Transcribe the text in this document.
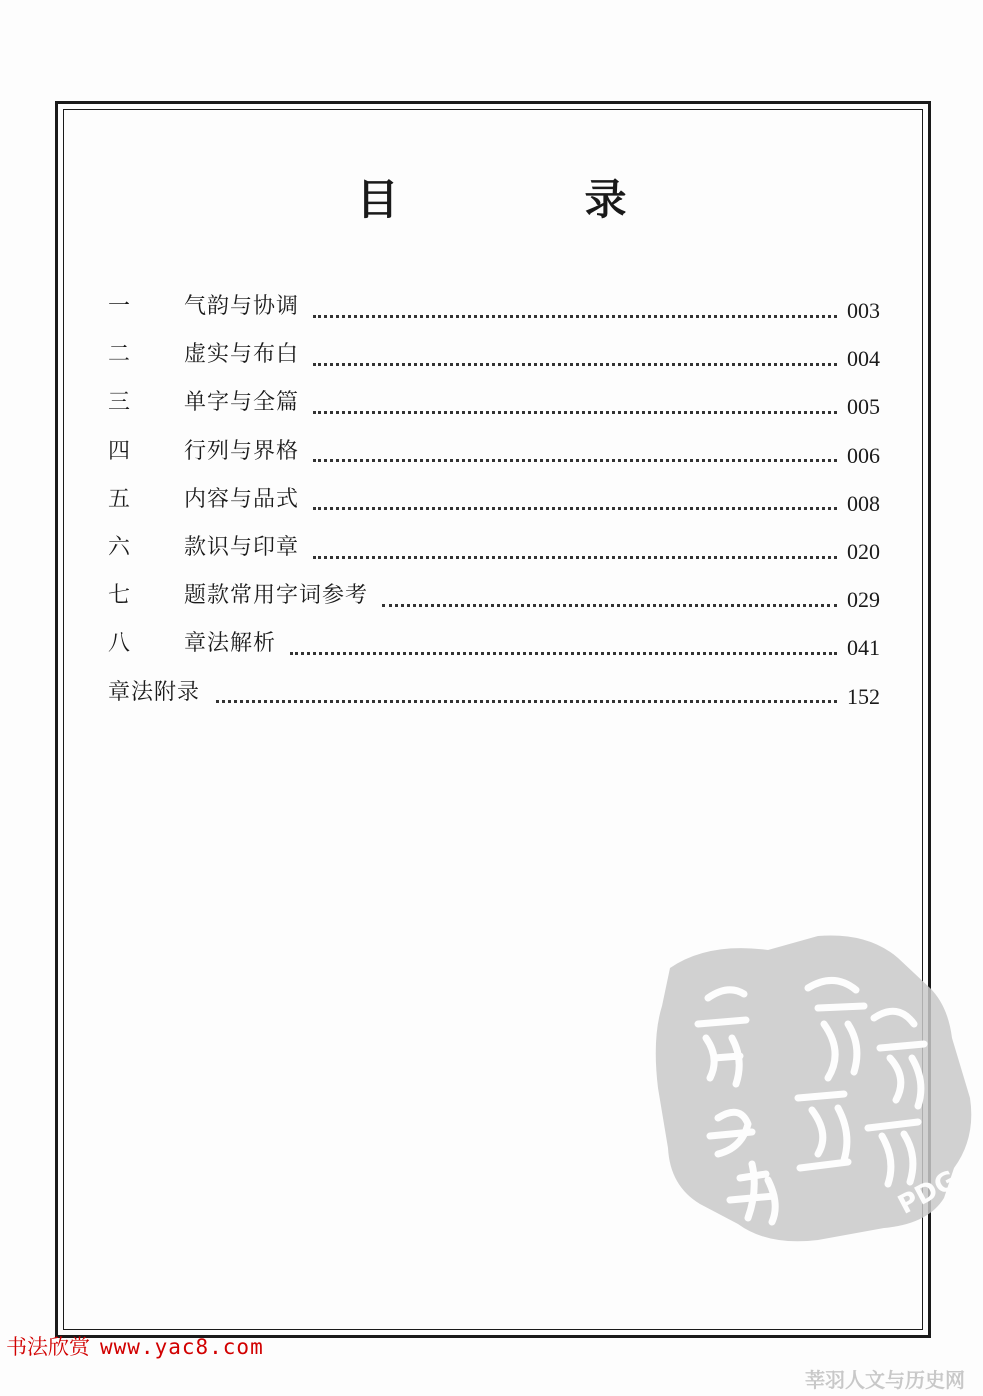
目　录
一	气韵与协调	003
二	虚实与布白	004
三	单字与全篇	005
四	行列与界格	006
五	内容与品式	008
六	款识与印章	020
七	题款常用字词参考	029
八	章法解析	041
章法附录	152
PDG
书法欣赏 www.yac8.com
莘羽人文与历史网
